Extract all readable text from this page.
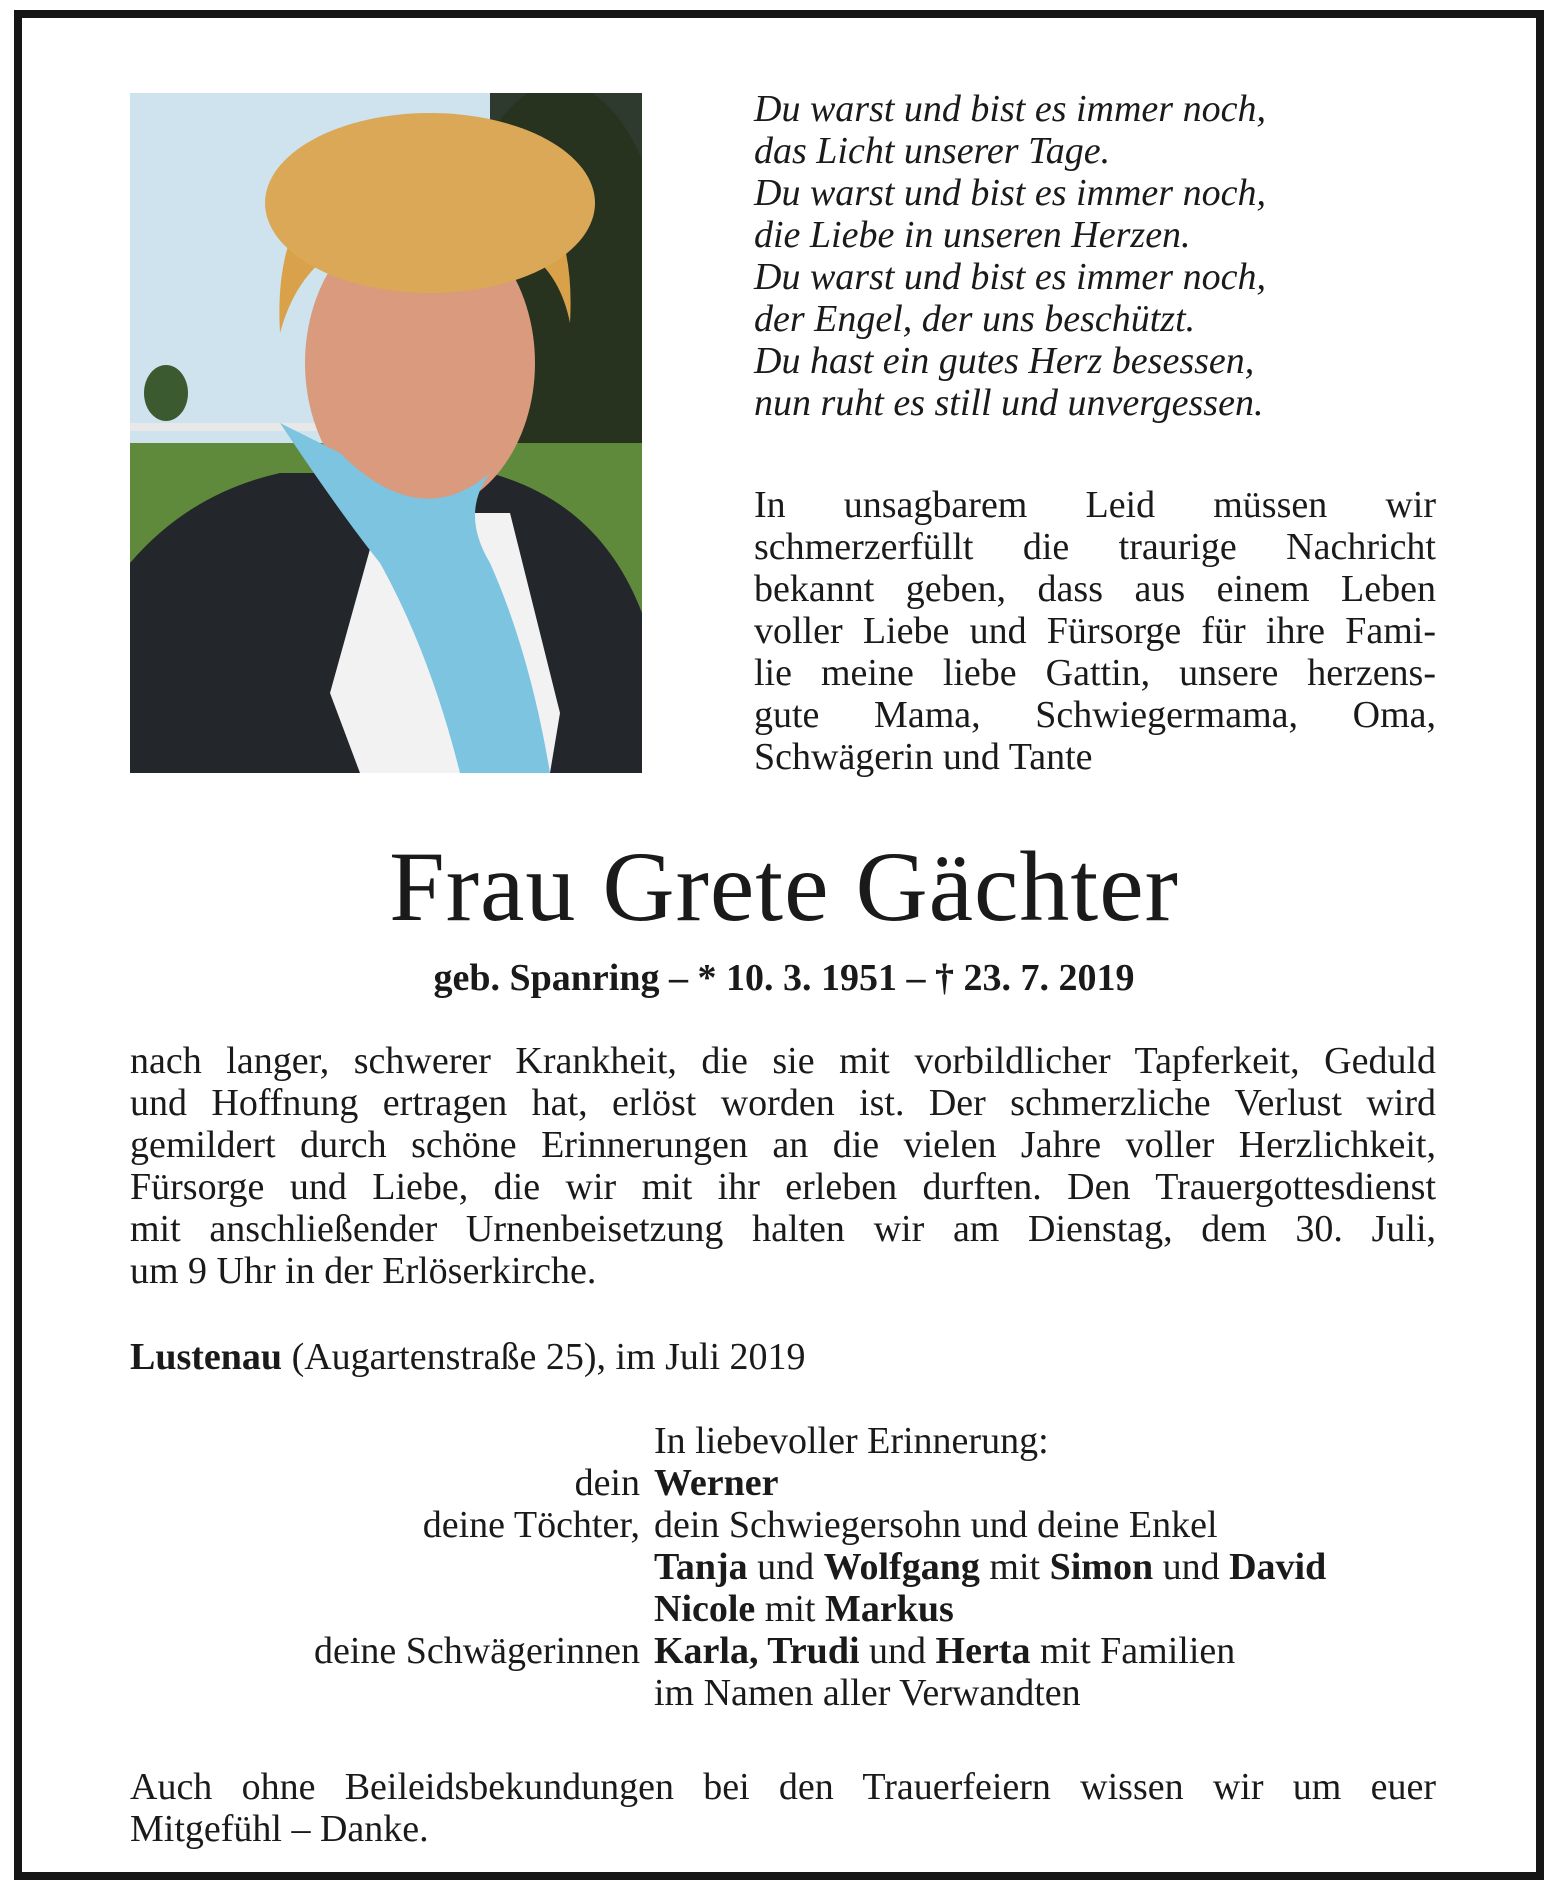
Du warst und bist es immer noch,
das Licht unserer Tage.
Du warst und bist es immer noch,
die Liebe in unseren Herzen.
Du warst und bist es immer noch,
der Engel, der uns beschützt.
Du hast ein gutes Herz besessen,
nun ruht es still und unvergessen.
In unsagbarem Leid müssen wir
schmerzerfüllt die traurige Nachricht
bekannt geben, dass aus einem Leben
voller Liebe und Fürsorge für ihre Fami-
lie meine liebe Gattin, unsere herzens-
gute Mama, Schwiegermama, Oma,
Schwägerin und Tante
Frau Grete Gächter
geb. Spanring – * 10. 3. 1951 – † 23. 7. 2019
nach langer, schwerer Krankheit, die sie mit vorbildlicher Tapferkeit, Geduld
und Hoffnung ertragen hat, erlöst worden ist. Der schmerzliche Verlust wird
gemildert durch schöne Erinnerungen an die vielen Jahre voller Herzlichkeit,
Fürsorge und Liebe, die wir mit ihr erleben durften. Den Trauergottesdienst
mit anschließender Urnenbeisetzung halten wir am Dienstag, dem 30. Juli,
um 9 Uhr in der Erlöserkirche.
Lustenau (Augartenstraße 25), im Juli 2019
In liebevoller Erinnerung:
dein Werner
deine Töchter, dein Schwiegersohn und deine Enkel
Tanja und Wolfgang mit Simon und David
Nicole mit Markus
deine Schwägerinnen Karla, Trudi und Herta mit Familien
im Namen aller Verwandten
Auch ohne Beileidsbekundungen bei den Trauerfeiern wissen wir um euer
Mitgefühl – Danke.
